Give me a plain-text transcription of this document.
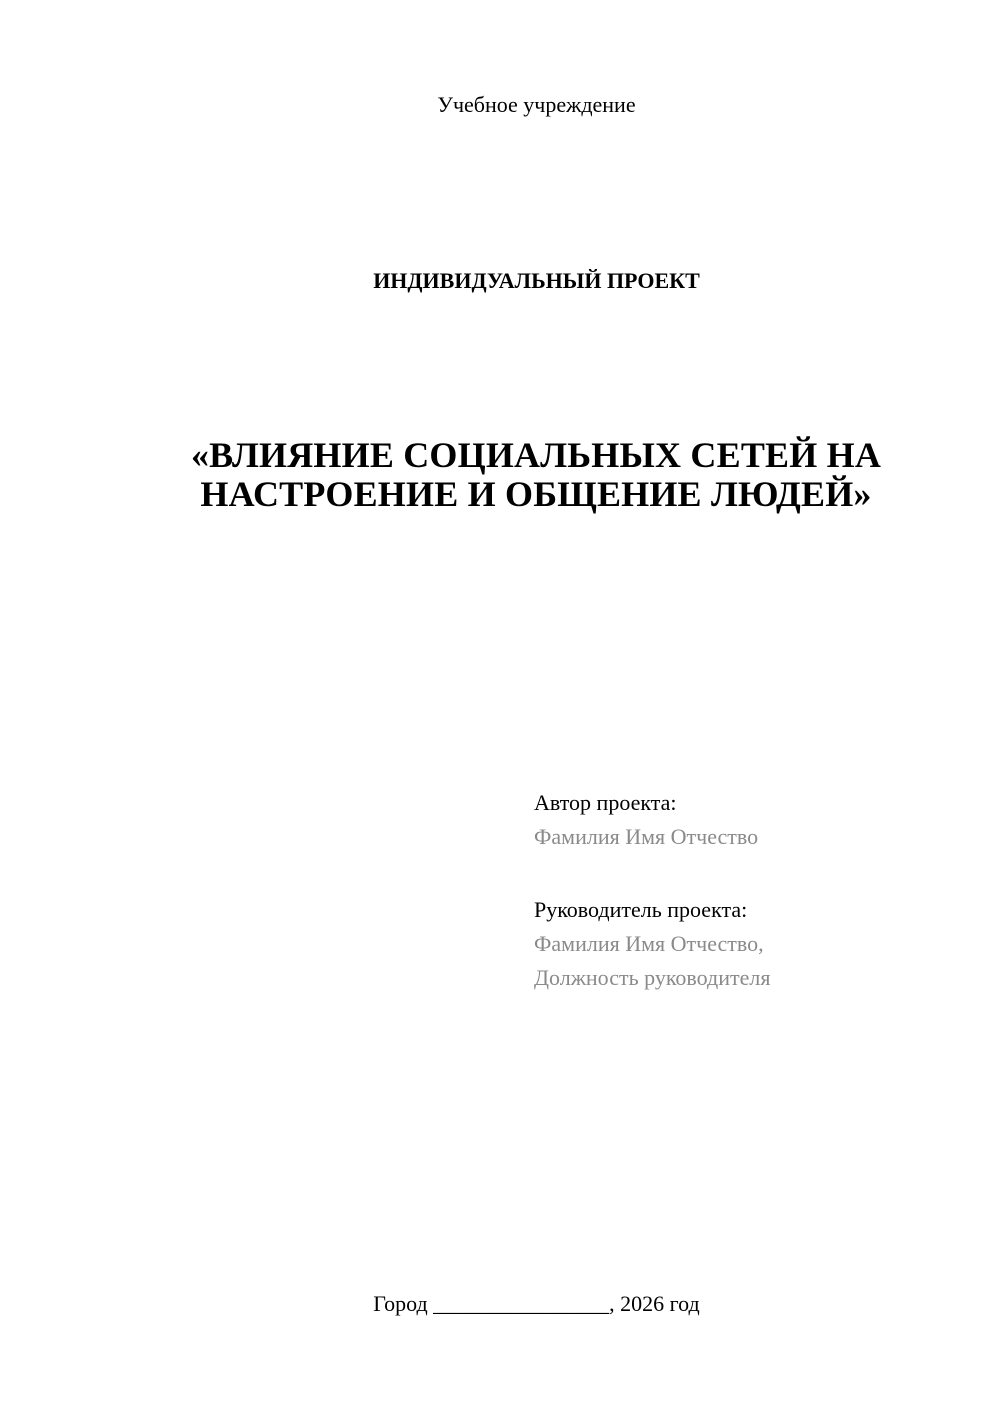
Учебное учреждение
ИНДИВИДУАЛЬНЫЙ ПРОЕКТ
«ВЛИЯНИЕ СОЦИАЛЬНЫХ СЕТЕЙ НА
НАСТРОЕНИЕ И ОБЩЕНИЕ ЛЮДЕЙ»
Автор проекта:
Фамилия Имя Отчество
Руководитель проекта:
Фамилия Имя Отчество,
Должность руководителя
Город ________________, 2026 год
